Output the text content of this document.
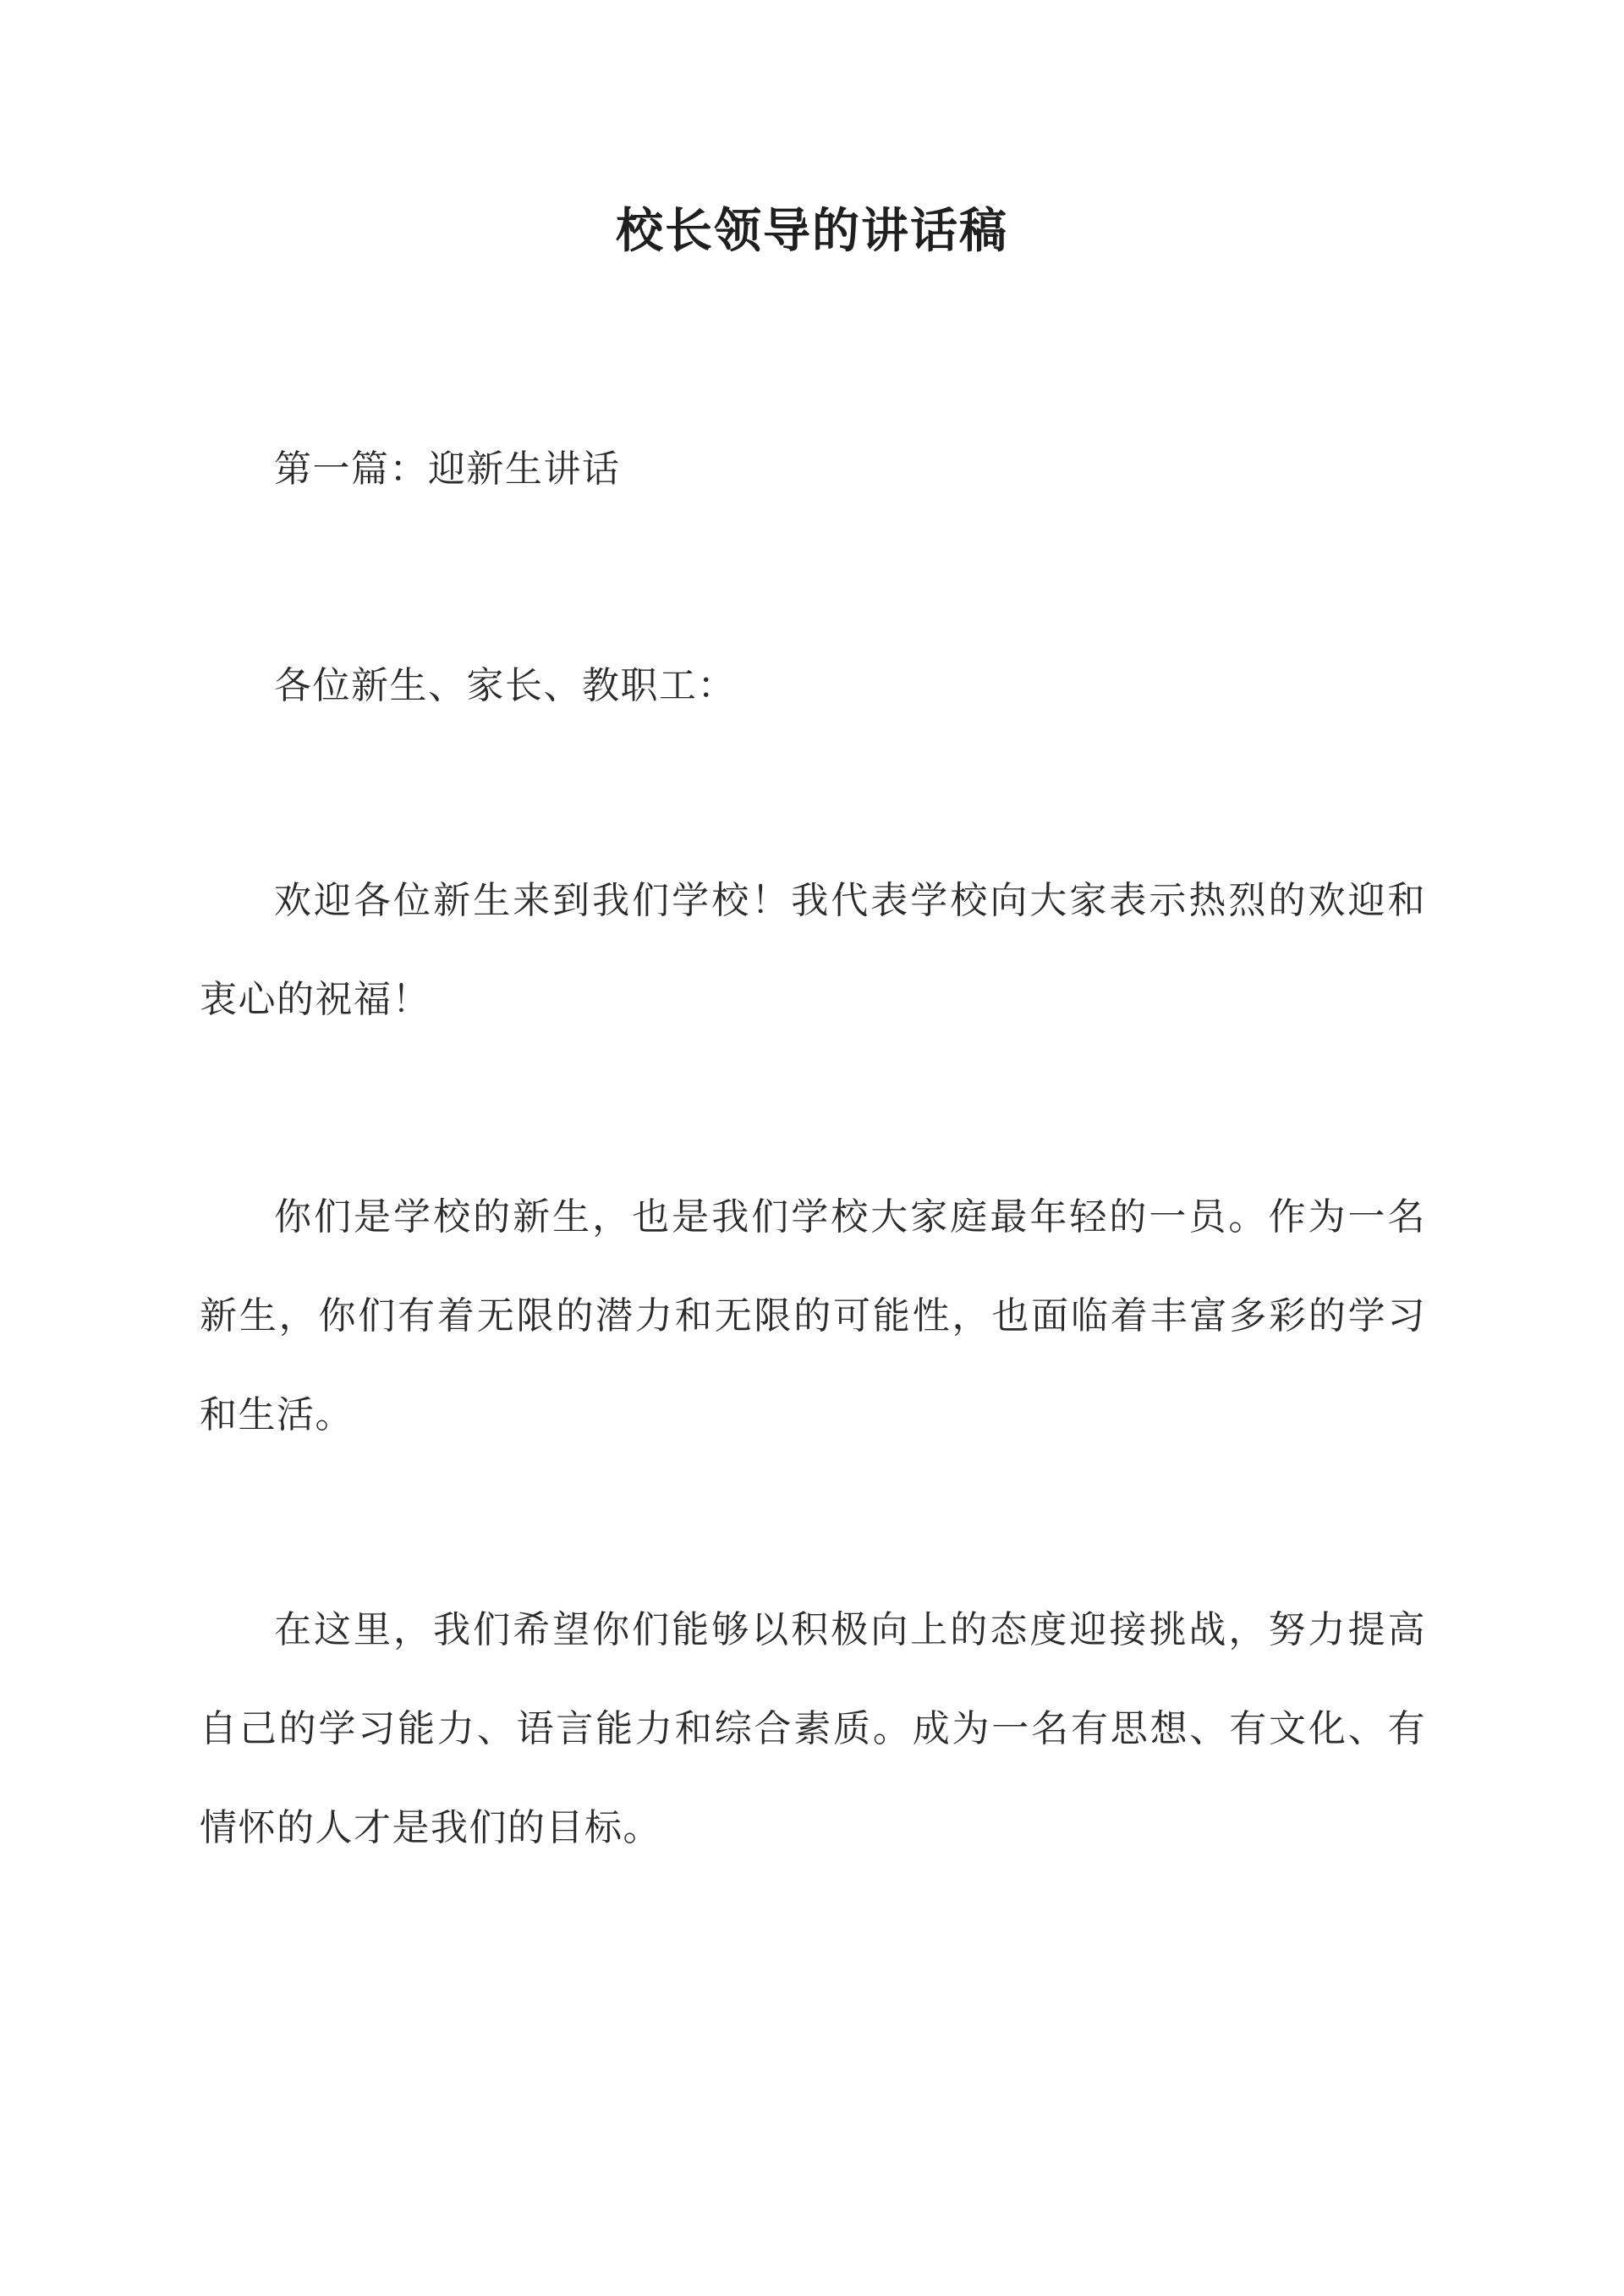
校长领导的讲话稿

第一篇：迎新生讲话

各位新生、家长、教职工：

欢迎各位新生来到我们学校！我代表学校向大家表示热烈的欢迎和衷心的祝福！

你们是学校的新生，也是我们学校大家庭最年轻的一员。作为一名新生，你们有着无限的潜力和无限的可能性，也面临着丰富多彩的学习和生活。

在这里，我们希望你们能够以积极向上的态度迎接挑战，努力提高自己的学习能力、语言能力和综合素质。成为一名有思想、有文化、有情怀的人才是我们的目标。
